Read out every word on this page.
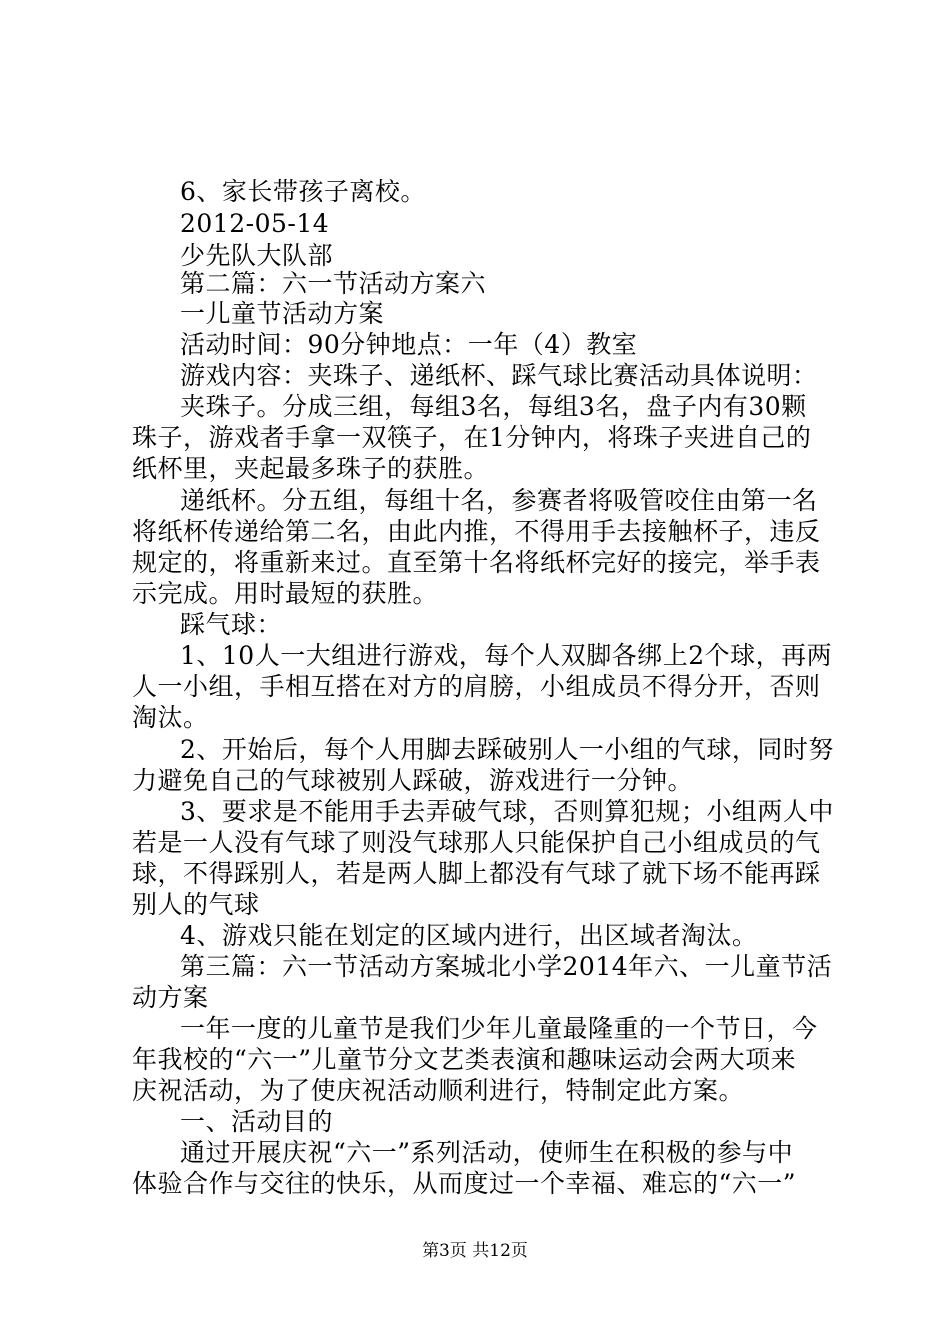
6、家长带孩子离校。
2012-05-14
少先队大队部
第二篇：六一节活动方案六
一儿童节活动方案
活动时间：90分钟地点：一年（4）教室
游戏内容：夹珠子、递纸杯、踩气球比赛活动具体说明：
夹珠子。分成三组，每组3名，每组3名，盘子内有30颗
珠子，游戏者手拿一双筷子，在1分钟内，将珠子夹进自己的
纸杯里，夹起最多珠子的获胜。
递纸杯。分五组，每组十名，参赛者将吸管咬住由第一名
将纸杯传递给第二名，由此内推，不得用手去接触杯子，违反
规定的，将重新来过。直至第十名将纸杯完好的接完，举手表
示完成。用时最短的获胜。
踩气球：
1、10人一大组进行游戏，每个人双脚各绑上2个球，再两
人一小组，手相互搭在对方的肩膀，小组成员不得分开，否则
淘汰。
2、开始后，每个人用脚去踩破别人一小组的气球，同时努
力避免自己的气球被别人踩破，游戏进行一分钟。
3、要求是不能用手去弄破气球，否则算犯规；小组两人中
若是一人没有气球了则没气球那人只能保护自己小组成员的气
球，不得踩别人，若是两人脚上都没有气球了就下场不能再踩
别人的气球
4、游戏只能在划定的区域内进行，出区域者淘汰。
第三篇：六一节活动方案城北小学2014年六、一儿童节活
动方案
一年一度的儿童节是我们少年儿童最隆重的一个节日，今
年我校的“六一”儿童节分文艺类表演和趣味运动会两大项来
庆祝活动，为了使庆祝活动顺利进行，特制定此方案。
一、活动目的
通过开展庆祝“六一”系列活动，使师生在积极的参与中
体验合作与交往的快乐，从而度过一个幸福、难忘的“六一”
第3页 共12页
